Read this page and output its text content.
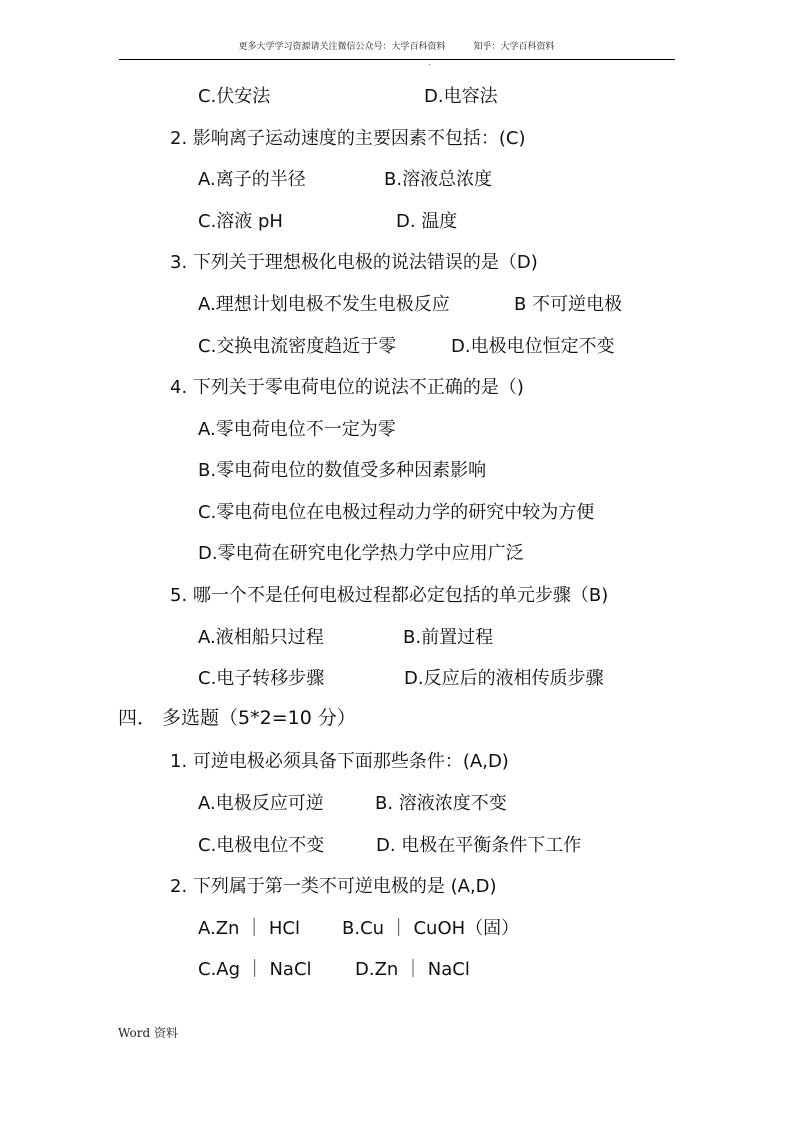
更多大学学习资源请关注微信公众号：大学百科资料	知乎：大学百科资料
.
C.伏安法	D.电容法
2. 影响离子运动速度的主要因素不包括：(C)
A.离子的半径	B.溶液总浓度
C.溶液 pH	D. 温度
3. 下列关于理想极化电极的说法错误的是（D)
A.理想计划电极不发生电极反应	B 不可逆电极
C.交换电流密度趋近于零	D.电极电位恒定不变
4. 下列关于零电荷电位的说法不正确的是（)
A.零电荷电位不一定为零
B.零电荷电位的数值受多种因素影响
C.零电荷电位在电极过程动力学的研究中较为方便
D.零电荷在研究电化学热力学中应用广泛
5. 哪一个不是任何电极过程都必定包括的单元步骤（B)
A.液相船只过程	B.前置过程
C.电子转移步骤	D.反应后的液相传质步骤
四． 多选题（5*2=10 分）
1. 可逆电极必须具备下面那些条件：(A,D)
A.电极反应可逆	B. 溶液浓度不变
C.电极电位不变	D. 电极在平衡条件下工作
2. 下列属于第一类不可逆电极的是 (A,D)
A.Zn ｜ HCl B.Cu ｜ CuOH（固）
C.Ag ｜ NaCl D.Zn ｜ NaCl
Word 资料
